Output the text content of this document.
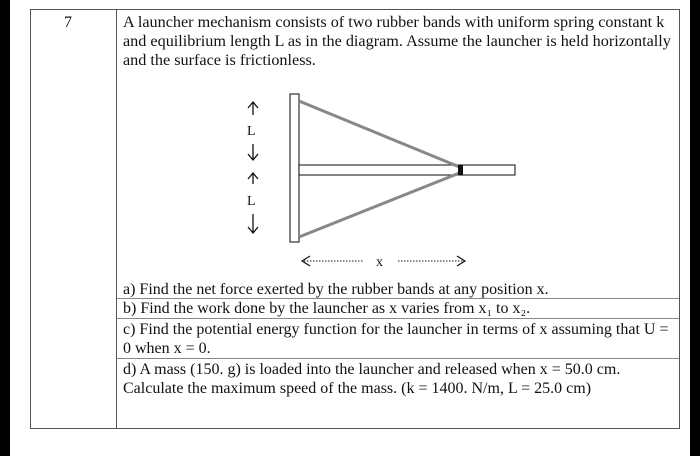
7	A launcher mechanism consists of two rubber bands with uniform spring constant k and equilibrium length L as in the diagram. Assume the launcher is held horizontally and the surface is frictionless.
L
L
x
a) Find the net force exerted by the rubber bands at any position x.
b) Find the work done by the launcher as x varies from x₁ to x₂.
c) Find the potential energy function for the launcher in terms of x assuming that U = 0 when x = 0.
d) A mass (150. g) is loaded into the launcher and released when x = 50.0 cm. Calculate the maximum speed of the mass. (k = 1400. N/m, L = 25.0 cm)
